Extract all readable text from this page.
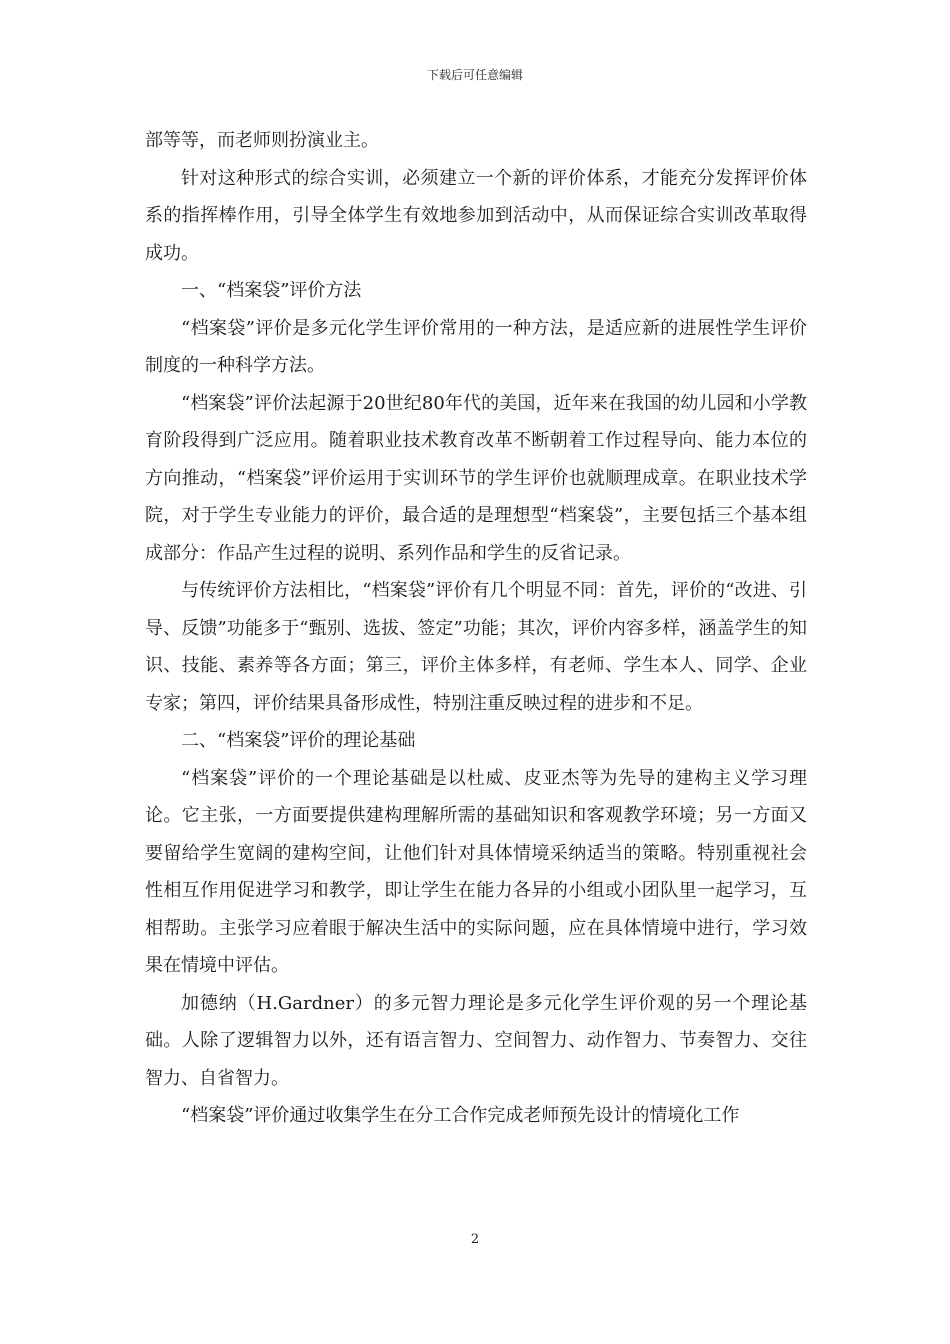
下载后可任意编辑

部等等，而老师则扮演业主。

针对这种形式的综合实训，必须建立一个新的评价体系，才能充分发挥评价体系的指挥棒作用，引导全体学生有效地参加到活动中，从而保证综合实训改革取得成功。

一、“档案袋”评价方法

“档案袋”评价是多元化学生评价常用的一种方法，是适应新的进展性学生评价制度的一种科学方法。

“档案袋”评价法起源于20世纪80年代的美国，近年来在我国的幼儿园和小学教育阶段得到广泛应用。随着职业技术教育改革不断朝着工作过程导向、能力本位的方向推动，“档案袋”评价运用于实训环节的学生评价也就顺理成章。在职业技术学院，对于学生专业能力的评价，最合适的是理想型“档案袋”，主要包括三个基本组成部分：作品产生过程的说明、系列作品和学生的反省记录。

与传统评价方法相比，“档案袋”评价有几个明显不同：首先，评价的“改进、引导、反馈”功能多于“甄别、选拔、签定”功能；其次，评价内容多样，涵盖学生的知识、技能、素养等各方面；第三，评价主体多样，有老师、学生本人、同学、企业专家；第四，评价结果具备形成性，特别注重反映过程的进步和不足。

二、“档案袋”评价的理论基础

“档案袋”评价的一个理论基础是以杜威、皮亚杰等为先导的建构主义学习理论。它主张，一方面要提供建构理解所需的基础知识和客观教学环境；另一方面又要留给学生宽阔的建构空间，让他们针对具体情境采纳适当的策略。特别重视社会性相互作用促进学习和教学，即让学生在能力各异的小组或小团队里一起学习，互相帮助。主张学习应着眼于解决生活中的实际问题，应在具体情境中进行，学习效果在情境中评估。

加德纳（H.Gardner）的多元智力理论是多元化学生评价观的另一个理论基础。人除了逻辑智力以外，还有语言智力、空间智力、动作智力、节奏智力、交往智力、自省智力。

“档案袋”评价通过收集学生在分工合作完成老师预先设计的情境化工作

2
